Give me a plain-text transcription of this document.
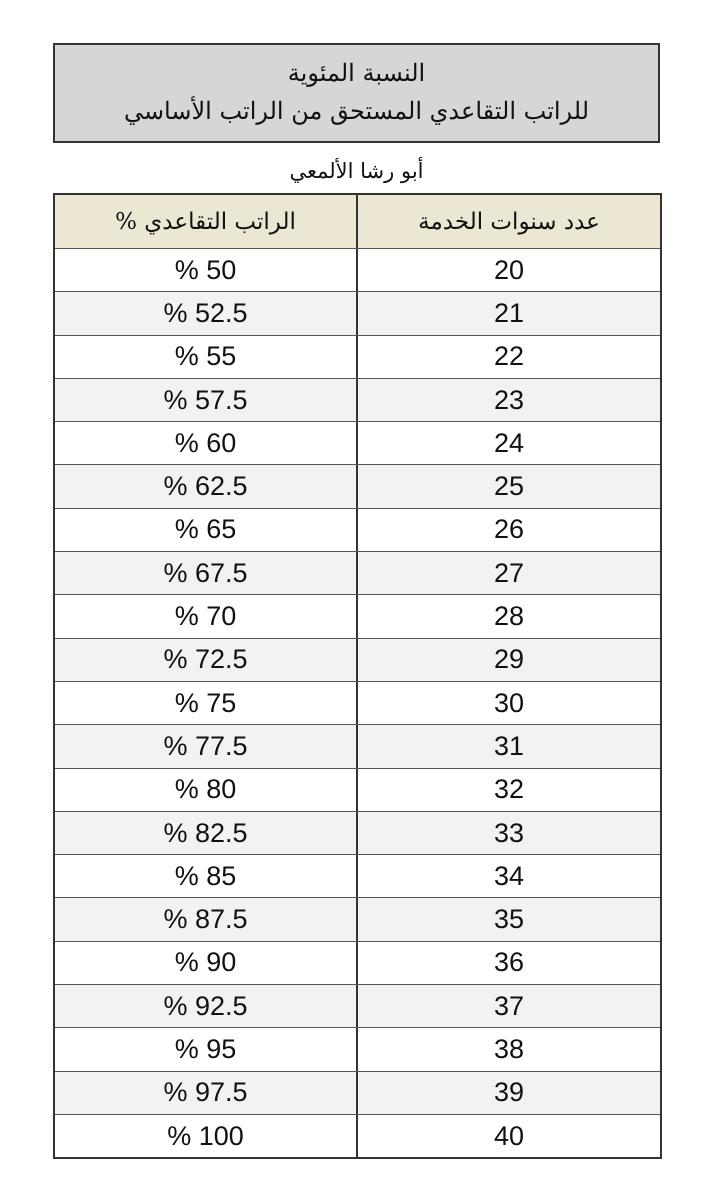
النسبة المئوية
للراتب التقاعدي المستحق من الراتب الأساسي
أبو رشا الألمعي
الراتب التقاعدي %	عدد سنوات الخدمة
% 50	20
% 52.5	21
% 55	22
% 57.5	23
% 60	24
% 62.5	25
% 65	26
% 67.5	27
% 70	28
% 72.5	29
% 75	30
% 77.5	31
% 80	32
% 82.5	33
% 85	34
% 87.5	35
% 90	36
% 92.5	37
% 95	38
% 97.5	39
% 100	40
